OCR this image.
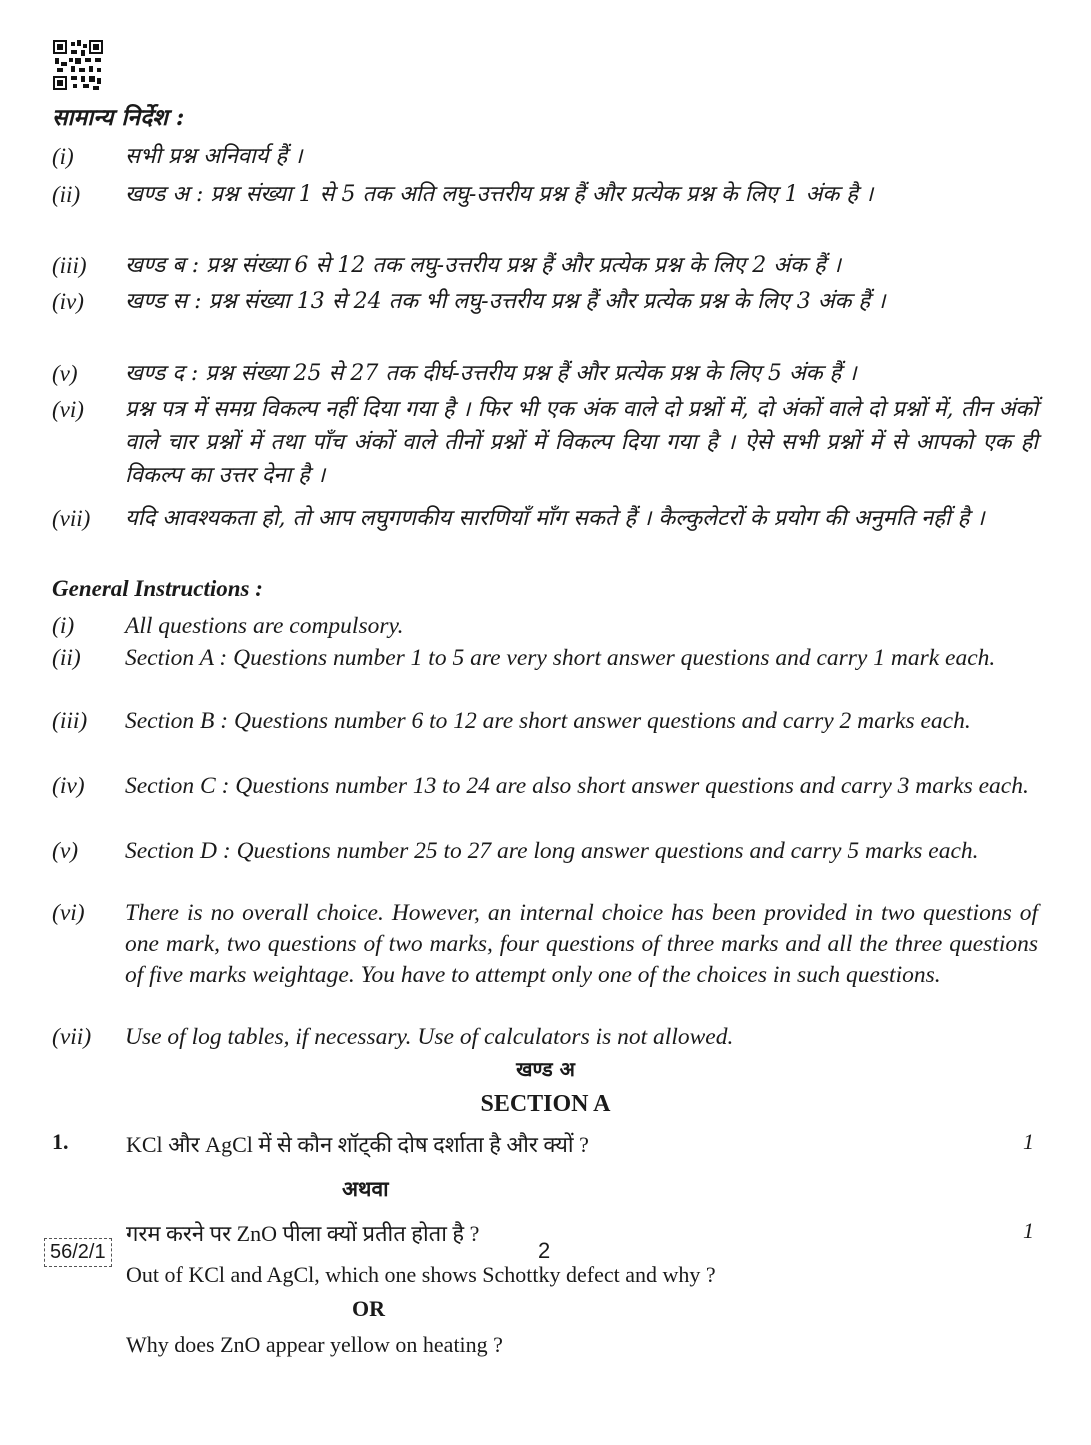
सामान्य निर्देश :
(i)	सभी प्रश्न अनिवार्य हैं ।
(ii)	खण्ड अ : प्रश्न संख्या 1 से 5 तक अति लघु-उत्तरीय प्रश्न हैं और प्रत्येक प्रश्न के लिए 1 अंक है ।
(iii)	खण्ड ब : प्रश्न संख्या 6 से 12 तक लघु-उत्तरीय प्रश्न हैं और प्रत्येक प्रश्न के लिए 2 अंक हैं ।
(iv)	खण्ड स : प्रश्न संख्या 13 से 24 तक भी लघु-उत्तरीय प्रश्न हैं और प्रत्येक प्रश्न के लिए 3 अंक हैं ।
(v)	खण्ड द : प्रश्न संख्या 25 से 27 तक दीर्घ-उत्तरीय प्रश्न हैं और प्रत्येक प्रश्न के लिए 5 अंक हैं ।
(vi)	प्रश्न पत्र में समग्र विकल्प नहीं दिया गया है । फिर भी एक अंक वाले दो प्रश्नों में, दो अंकों वाले दो प्रश्नों में, तीन अंकों वाले चार प्रश्नों में तथा पाँच अंकों वाले तीनों प्रश्नों में विकल्प दिया गया है । ऐसे सभी प्रश्नों में से आपको एक ही विकल्प का उत्तर देना है ।
(vii)	यदि आवश्यकता हो, तो आप लघुगणकीय सारणियाँ माँग सकते हैं । कैल्कुलेटरों के प्रयोग की अनुमति नहीं है ।
General Instructions :
(i)	All questions are compulsory.
(ii)	Section A : Questions number 1 to 5 are very short answer questions and carry 1 mark each.
(iii)	Section B : Questions number 6 to 12 are short answer questions and carry 2 marks each.
(iv)	Section C : Questions number 13 to 24 are also short answer questions and carry 3 marks each.
(v)	Section D : Questions number 25 to 27 are long answer questions and carry 5 marks each.
(vi)	There is no overall choice. However, an internal choice has been provided in two questions of one mark, two questions of two marks, four questions of three marks and all the three questions of five marks weightage. You have to attempt only one of the choices in such questions.
(vii)	Use of log tables, if necessary. Use of calculators is not allowed.
खण्ड अ
SECTION A
1.	KCl और AgCl में से कौन शॉट्की दोष दर्शाता है और क्यों ?	1
अथवा
गरम करने पर ZnO पीला क्यों प्रतीत होता है ?	1
Out of KCl and AgCl, which one shows Schottky defect and why ?
OR
Why does ZnO appear yellow on heating ?
56/2/1	2
